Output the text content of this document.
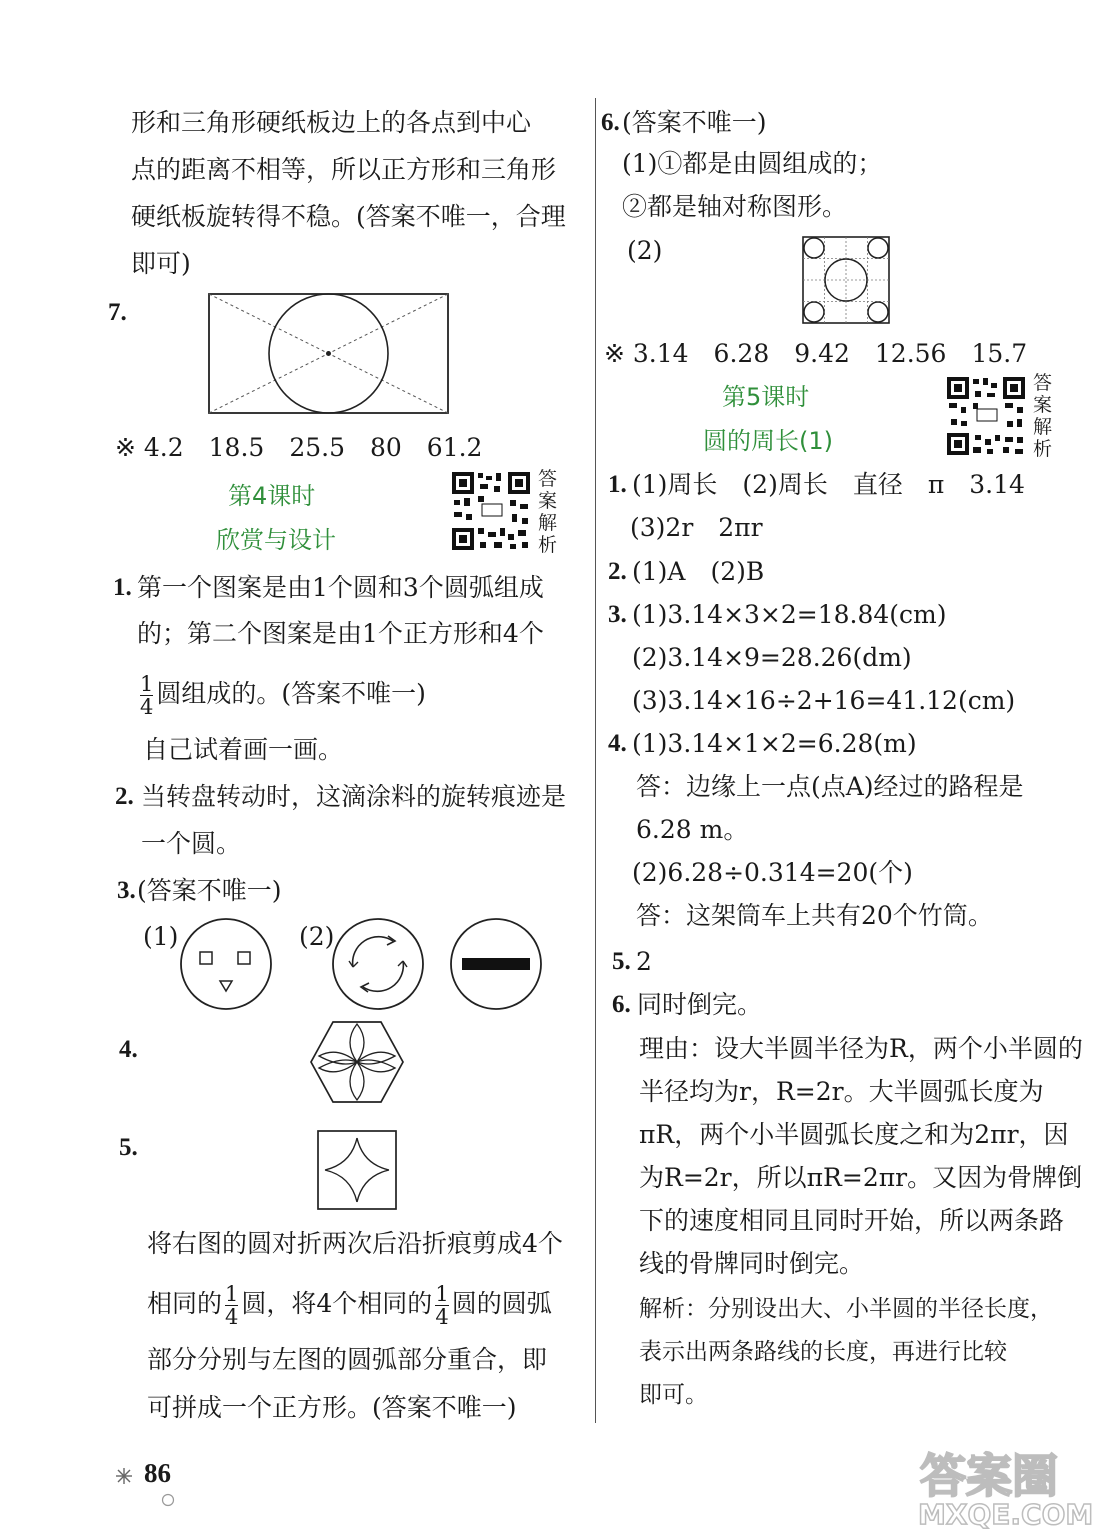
形和三角形硬纸板边上的各点到中心
点的距离不相等，所以正方形和三角形
硬纸板旋转得不稳。(答案不唯一，合理
即可)
7.
※ 4.2　18.5　25.5　80　61.2
第4课时
欣赏与设计
答案解析
1. 第一个图案是由1个圆和3个圆弧组成
的；第二个图案是由1个正方形和4个
$\frac{1}{4}$ 圆组成的。(答案不唯一)
自己试着画一画。
2. 当转盘转动时，这滴涂料的旋转痕迹是
一个圆。
3. (答案不唯一)
(1)	(2)
4.
5.
将右图的圆对折两次后沿折痕剪成4个
相同的 $\frac{1}{4}$ 圆，将4个相同的 $\frac{1}{4}$ 圆的圆弧
部分分别与左图的圆弧部分重合，即
可拼成一个正方形。(答案不唯一)
86
6. (答案不唯一)
(1)①都是由圆组成的；
②都是轴对称图形。
(2)
※ 3.14　6.28　9.42　12.56　15.7
第5课时
圆的周长(1)
答案解析
1. (1)周长　(2)周长　直径　π　3.14
(3)2r　2πr
2. (1)A　(2)B
3. (1)3.14×3×2=18.84(cm)
(2)3.14×9=28.26(dm)
(3)3.14×16÷2+16=41.12(cm)
4. (1)3.14×1×2=6.28(m)
答：边缘上一点(点A)经过的路程是
6.28 m。
(2)6.28÷0.314=20(个)
答：这架筒车上共有20个竹筒。
5. 2
6. 同时倒完。
理由：设大半圆半径为R，两个小半圆的
半径均为r，R=2r。大半圆弧长度为
πR，两个小半圆弧长度之和为2πr，因
为R=2r，所以πR=2πr。又因为骨牌倒
下的速度相同且同时开始，所以两条路
线的骨牌同时倒完。
解析：分别设出大、小半圆的半径长度，
表示出两条路线的长度，再进行比较
即可。
答案圈
MXQE.COM
